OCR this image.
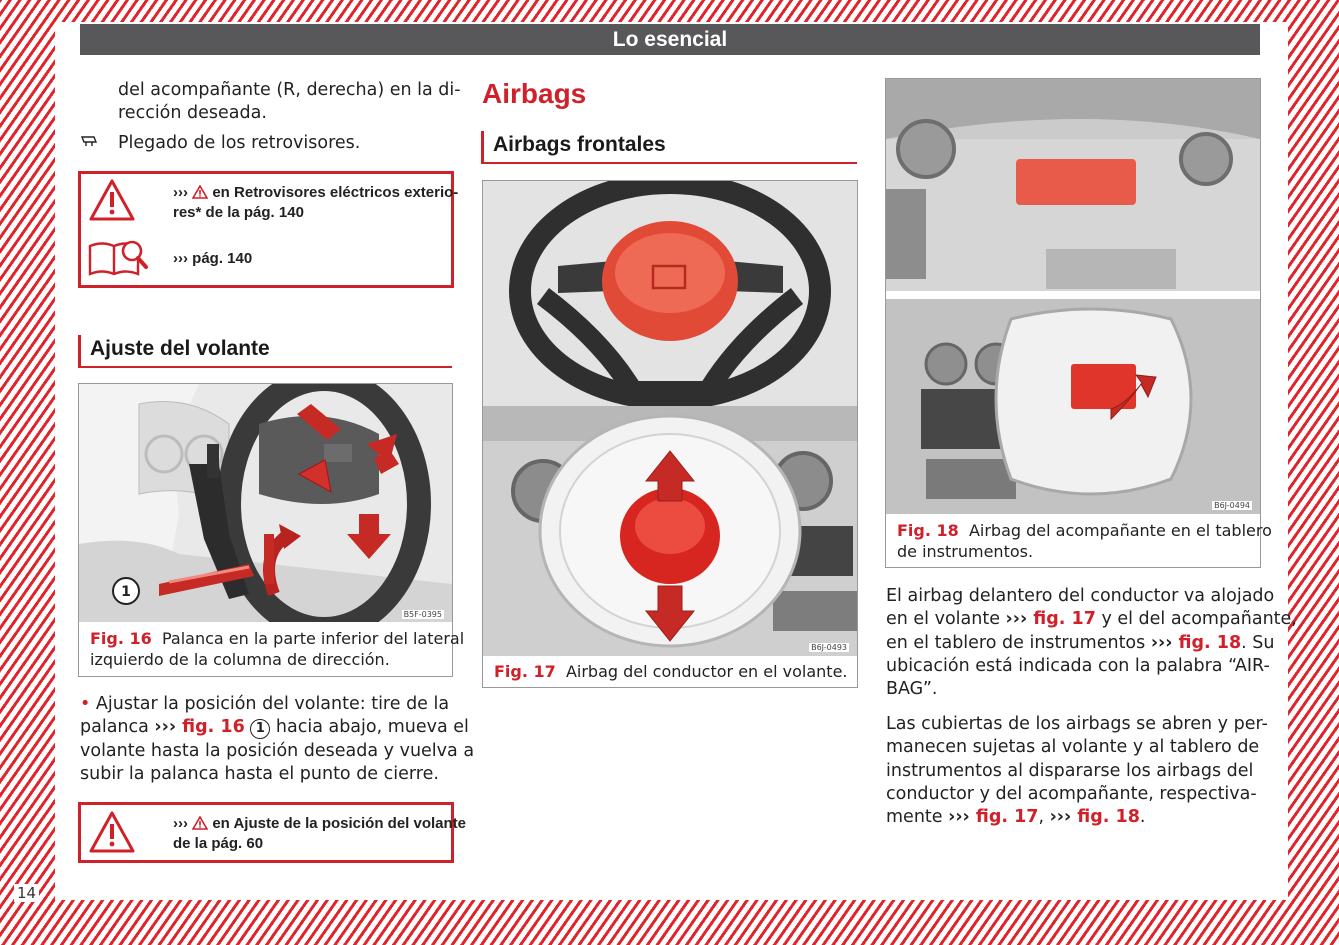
Lo esencial
14
del acompañante (R, derecha) en la di-
rección deseada.
Plegado de los retrovisores.
››› en Retrovisores eléctricos exterio-
res* de la pág. 140
››› pág. 140
Ajuste del volante
1
B5F-0395
Fig. 16 Palanca en la parte inferior del lateral
izquierdo de la columna de dirección.
• Ajustar la posición del volante: tire de la
palanca ››› fig. 16 1 hacia abajo, mueva el
volante hasta la posición deseada y vuelva a
subir la palanca hasta el punto de cierre.
››› en Ajuste de la posición del volante
de la pág. 60
Airbags
Airbags frontales
B6J-0493
Fig. 17 Airbag del conductor en el volante.
B6J-0494
Fig. 18 Airbag del acompañante en el tablero
de instrumentos.
El airbag delantero del conductor va alojado
en el volante ››› fig. 17 y el del acompañante,
en el tablero de instrumentos ››› fig. 18. Su
ubicación está indicada con la palabra “AIR-
BAG”.
Las cubiertas de los airbags se abren y per-
manecen sujetas al volante y al tablero de
instrumentos al dispararse los airbags del
conductor y del acompañante, respectiva-
mente ››› fig. 17, ››› fig. 18.
